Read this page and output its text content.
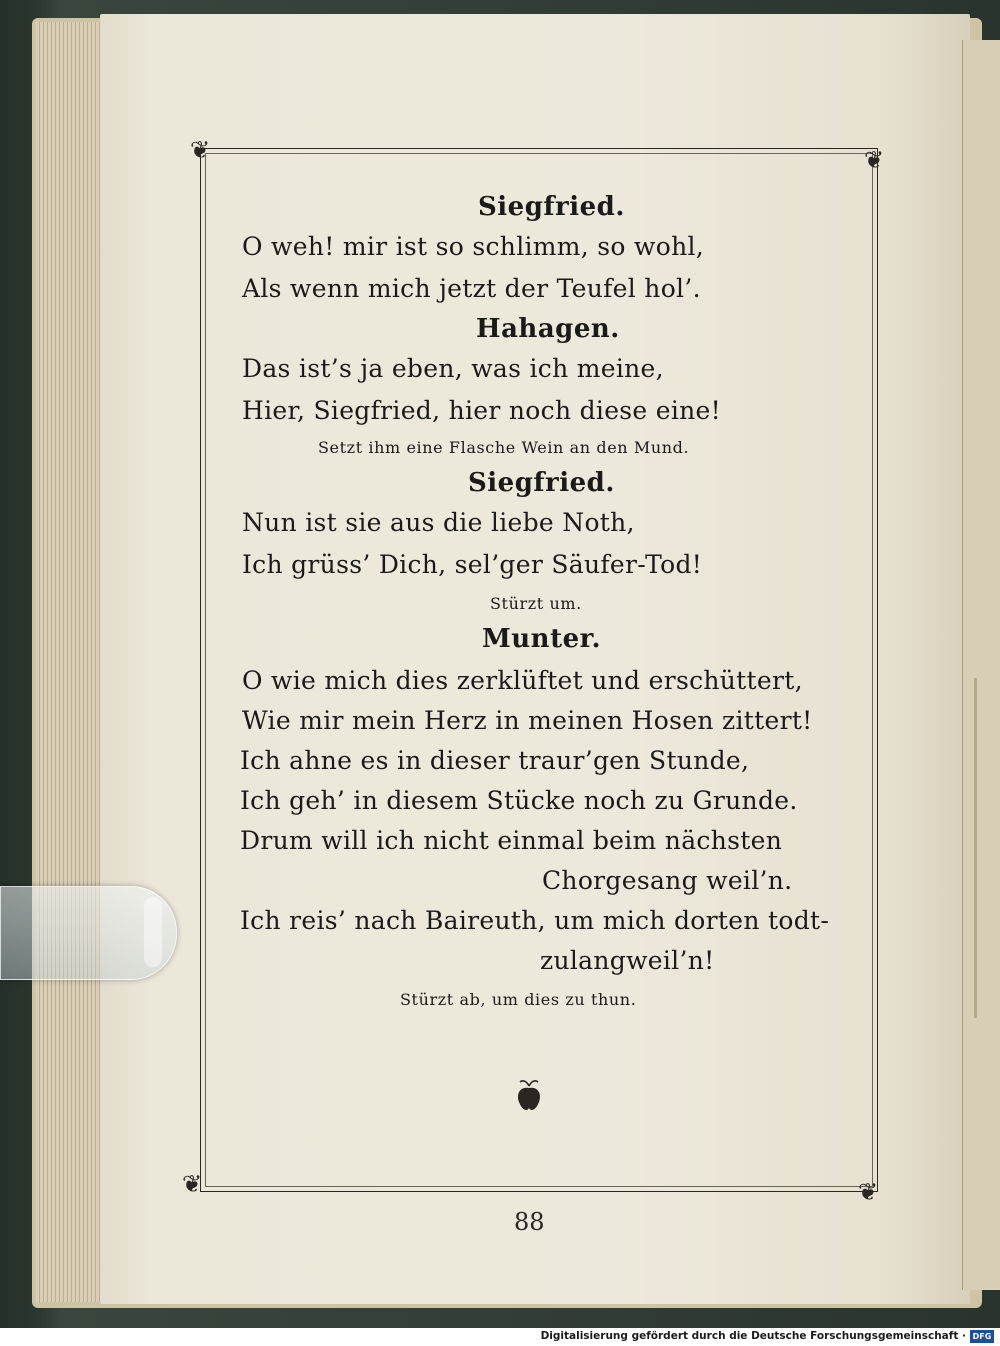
❦	❦
❦	❦
Siegfried.
O weh! mir ist so schlimm, so wohl,
Als wenn mich jetzt der Teufel hol’.
Hahagen.
Das ist’s ja eben, was ich meine,
Hier, Siegfried, hier noch diese eine!
Setzt ihm eine Flasche Wein an den Mund.
Siegfried.
Nun ist sie aus die liebe Noth,
Ich grüss’ Dich, sel’ger Säufer-Tod!
Stürzt um.
Munter.
O wie mich dies zerklüftet und erschüttert,
Wie mir mein Herz in meinen Hosen zittert!
Ich ahne es in dieser traur’gen Stunde,
Ich geh’ in diesem Stücke noch zu Grunde.
Drum will ich nicht einmal beim nächsten
Chorgesang weil’n.
Ich reis’ nach Baireuth, um mich dorten todt-
zulangweil’n!
Stürzt ab, um dies zu thun.
88
Digitalisierung gefördert durch die Deutsche Forschungsgemeinschaft · DFG
